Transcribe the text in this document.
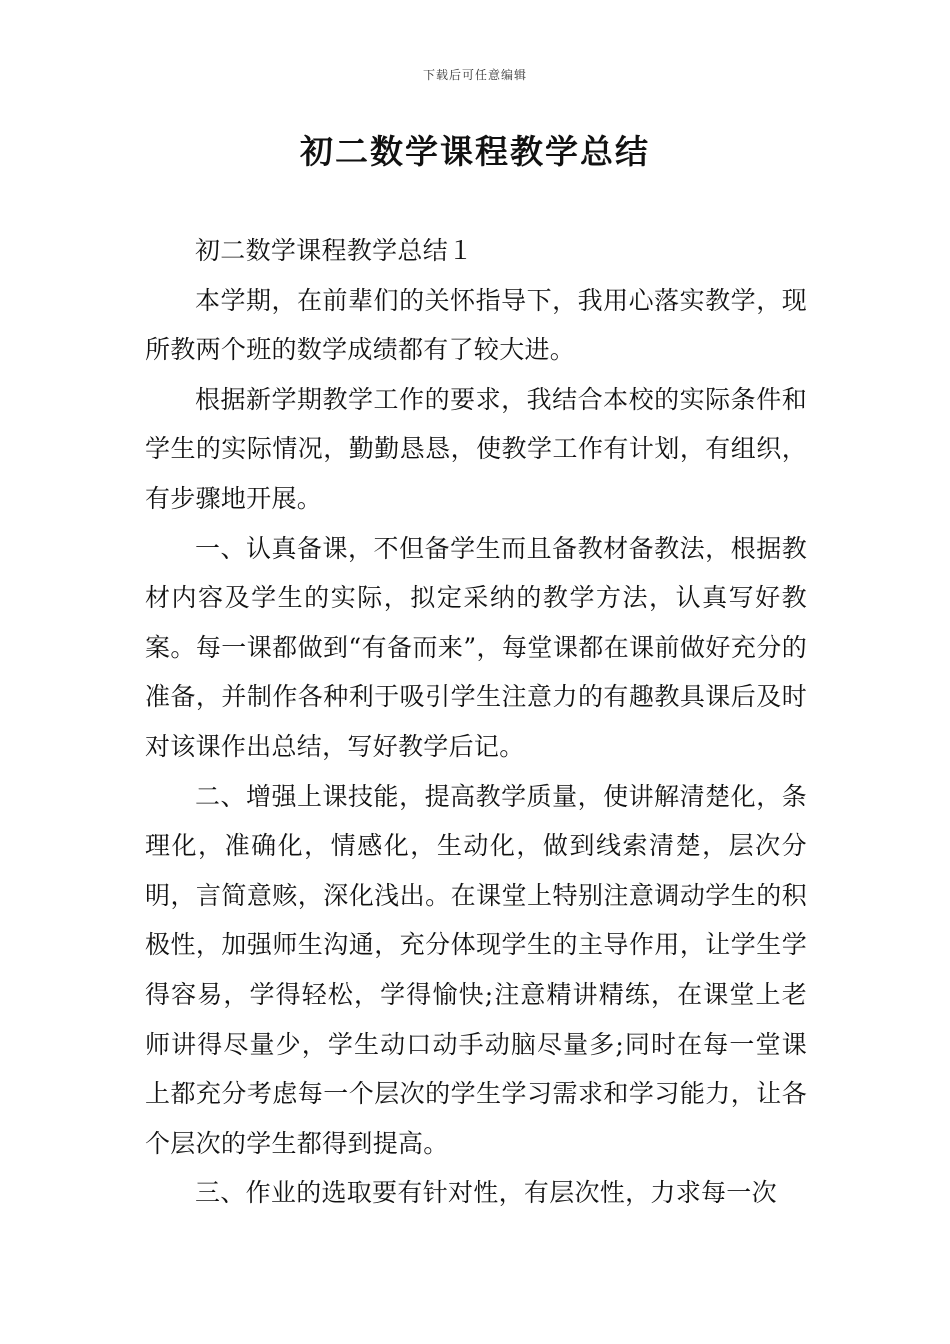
下载后可任意编辑
初二数学课程教学总结

初二数学课程教学总结１

本学期，在前辈们的关怀指导下，我用心落实教学，现所教两个班的数学成绩都有了较大进。

根据新学期教学工作的要求，我结合本校的实际条件和学生的实际情况，勤勤恳恳，使教学工作有计划，有组织，有步骤地开展。

一、认真备课，不但备学生而且备教材备教法，根据教材内容及学生的实际，拟定采纳的教学方法，认真写好教案。每一课都做到“有备而来”，每堂课都在课前做好充分的准备，并制作各种利于吸引学生注意力的有趣教具课后及时对该课作出总结，写好教学后记。

二、增强上课技能，提高教学质量，使讲解清楚化，条理化，准确化，情感化，生动化，做到线索清楚，层次分明，言简意赅，深化浅出。在课堂上特别注意调动学生的积极性，加强师生沟通，充分体现学生的主导作用，让学生学得容易，学得轻松，学得愉快;注意精讲精练，在课堂上老师讲得尽量少，学生动口动手动脑尽量多;同时在每一堂课上都充分考虑每一个层次的学生学习需求和学习能力，让各个层次的学生都得到提高。

三、作业的选取要有针对性，有层次性，力求每一次
